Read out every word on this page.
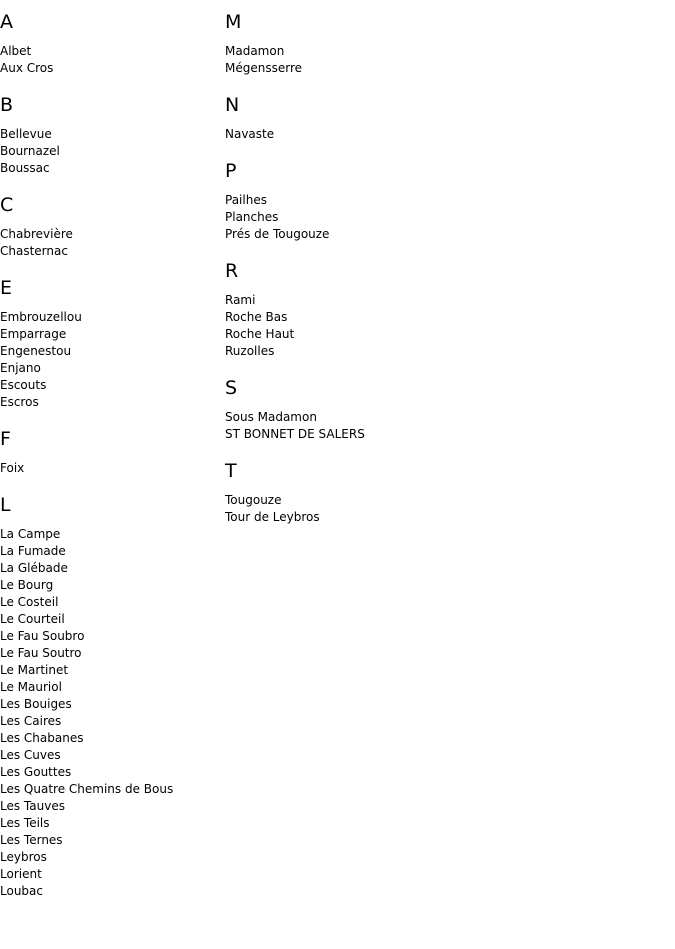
A
Albet
Aux Cros
B
Bellevue
Bournazel
Boussac
C
Chabrevière
Chasternac
E
Embrouzellou
Emparrage
Engenestou
Enjano
Escouts
Escros
F
Foix
L
La Campe
La Fumade
La Glébade
Le Bourg
Le Costeil
Le Courteil
Le Fau Soubro
Le Fau Soutro
Le Martinet
Le Mauriol
Les Bouiges
Les Caires
Les Chabanes
Les Cuves
Les Gouttes
Les Quatre Chemins de Bous
Les Tauves
Les Teils
Les Ternes
Leybros
Lorient
Loubac
M
Madamon
Mégensserre
N
Navaste
P
Pailhes
Planches
Prés de Tougouze
R
Rami
Roche Bas
Roche Haut
Ruzolles
S
Sous Madamon
ST BONNET DE SALERS
T
Tougouze
Tour de Leybros
